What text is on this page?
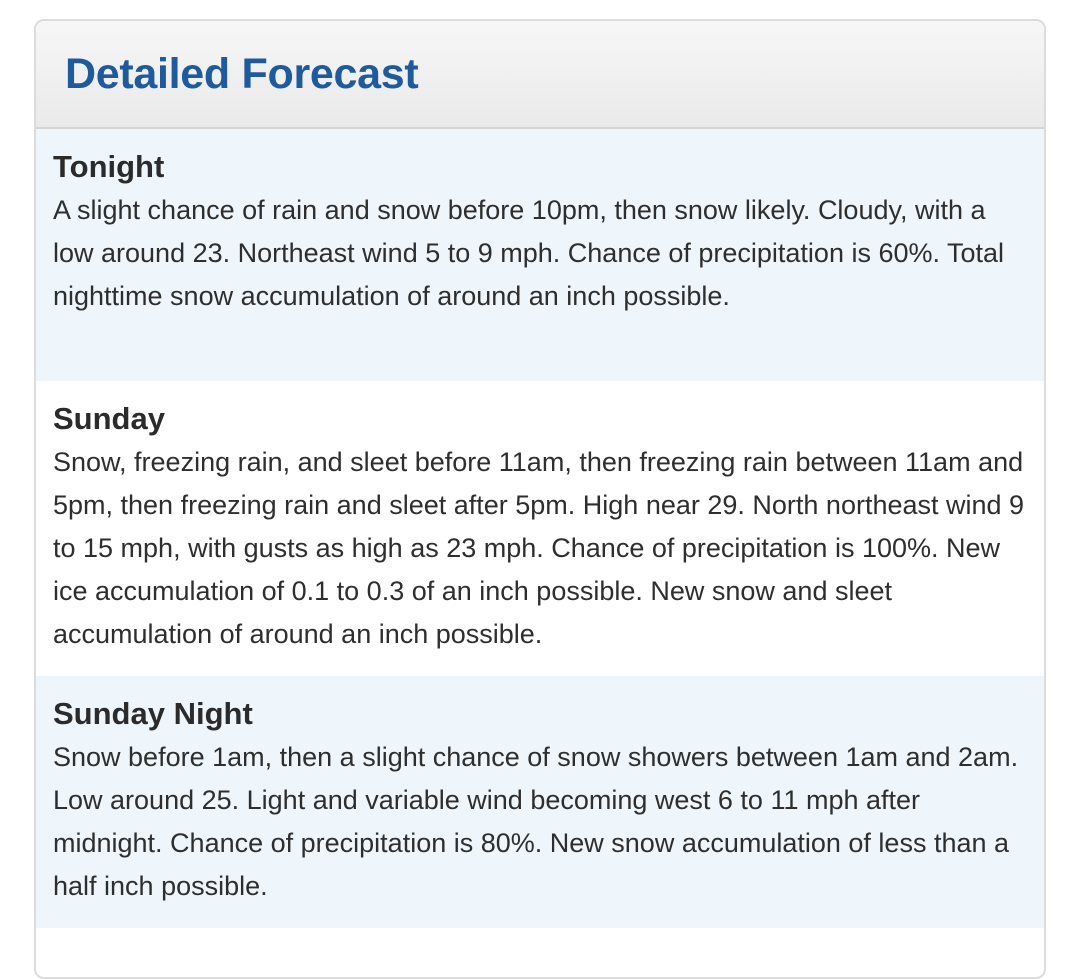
Detailed Forecast
Tonight
A slight chance of rain and snow before 10pm, then snow likely. Cloudy, with a low around 23. Northeast wind 5 to 9 mph. Chance of precipitation is 60%. Total nighttime snow accumulation of around an inch possible.
Sunday
Snow, freezing rain, and sleet before 11am, then freezing rain between 11am and 5pm, then freezing rain and sleet after 5pm. High near 29. North northeast wind 9 to 15 mph, with gusts as high as 23 mph. Chance of precipitation is 100%. New ice accumulation of 0.1 to 0.3 of an inch possible. New snow and sleet accumulation of around an inch possible.
Sunday Night
Snow before 1am, then a slight chance of snow showers between 1am and 2am. Low around 25. Light and variable wind becoming west 6 to 11 mph after midnight. Chance of precipitation is 80%. New snow accumulation of less than a half inch possible.
